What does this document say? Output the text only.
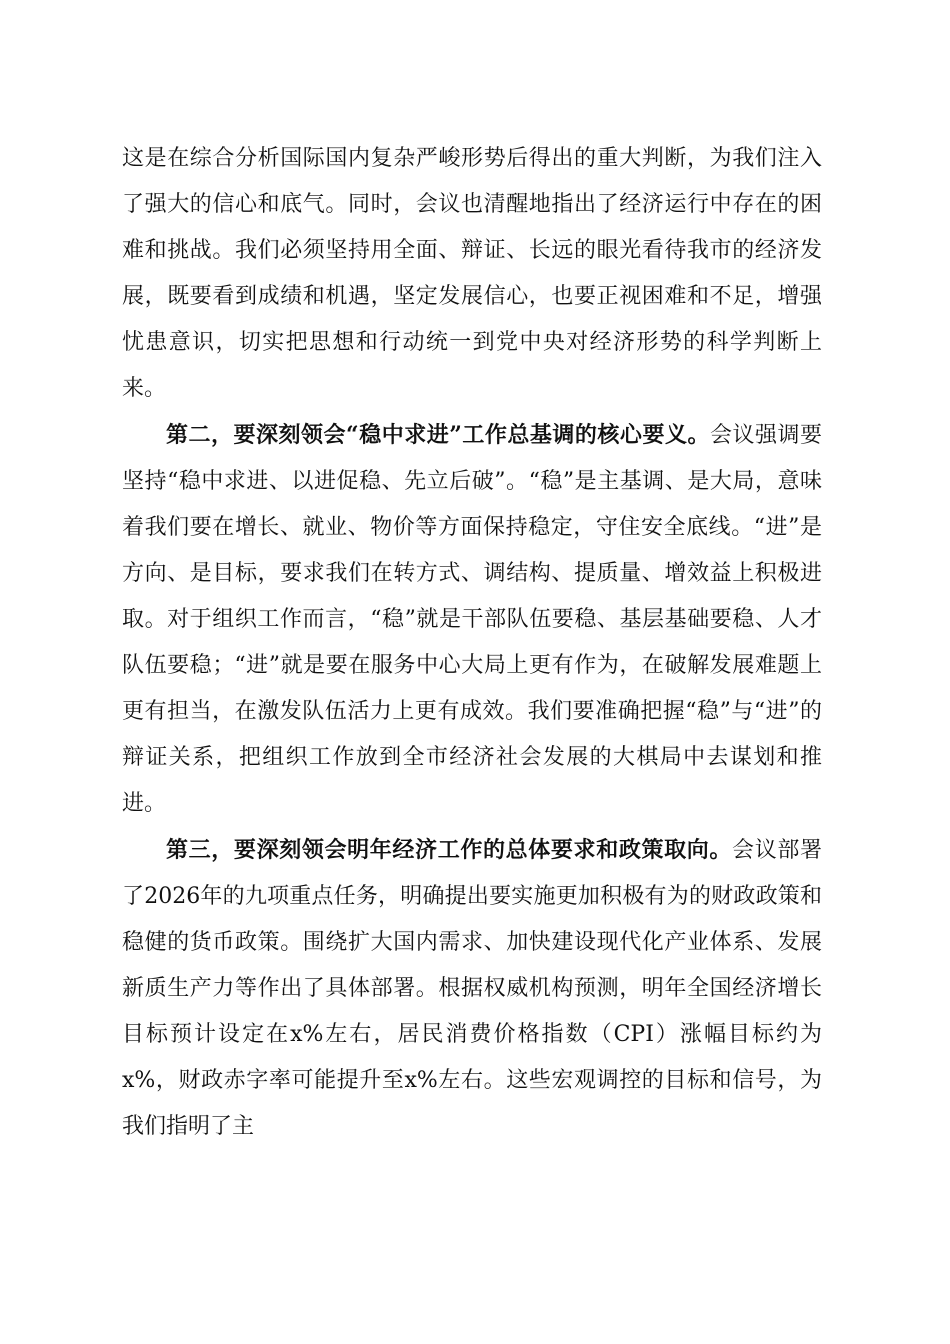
这是在综合分析国际国内复杂严峻形势后得出的重大判断，为我们注入了强大的信心和底气。同时，会议也清醒地指出了经济运行中存在的困难和挑战。我们必须坚持用全面、辩证、长远的眼光看待我市的经济发展，既要看到成绩和机遇，坚定发展信心，也要正视困难和不足，增强忧患意识，切实把思想和行动统一到党中央对经济形势的科学判断上来。

第二，要深刻领会“稳中求进”工作总基调的核心要义。会议强调要坚持“稳中求进、以进促稳、先立后破”。“稳”是主基调、是大局，意味着我们要在增长、就业、物价等方面保持稳定，守住安全底线。“进”是方向、是目标，要求我们在转方式、调结构、提质量、增效益上积极进取。对于组织工作而言，“稳”就是干部队伍要稳、基层基础要稳、人才队伍要稳；“进”就是要在服务中心大局上更有作为，在破解发展难题上更有担当，在激发队伍活力上更有成效。我们要准确把握“稳”与“进”的辩证关系，把组织工作放到全市经济社会发展的大棋局中去谋划和推进。

第三，要深刻领会明年经济工作的总体要求和政策取向。会议部署了2026年的九项重点任务，明确提出要实施更加积极有为的财政政策和稳健的货币政策。围绕扩大国内需求、加快建设现代化产业体系、发展新质生产力等作出了具体部署。根据权威机构预测，明年全国经济增长目标预计设定在x%左右，居民消费价格指数（CPI）涨幅目标约为x%，财政赤字率可能提升至x%左右。这些宏观调控的目标和信号，为我们指明了主
